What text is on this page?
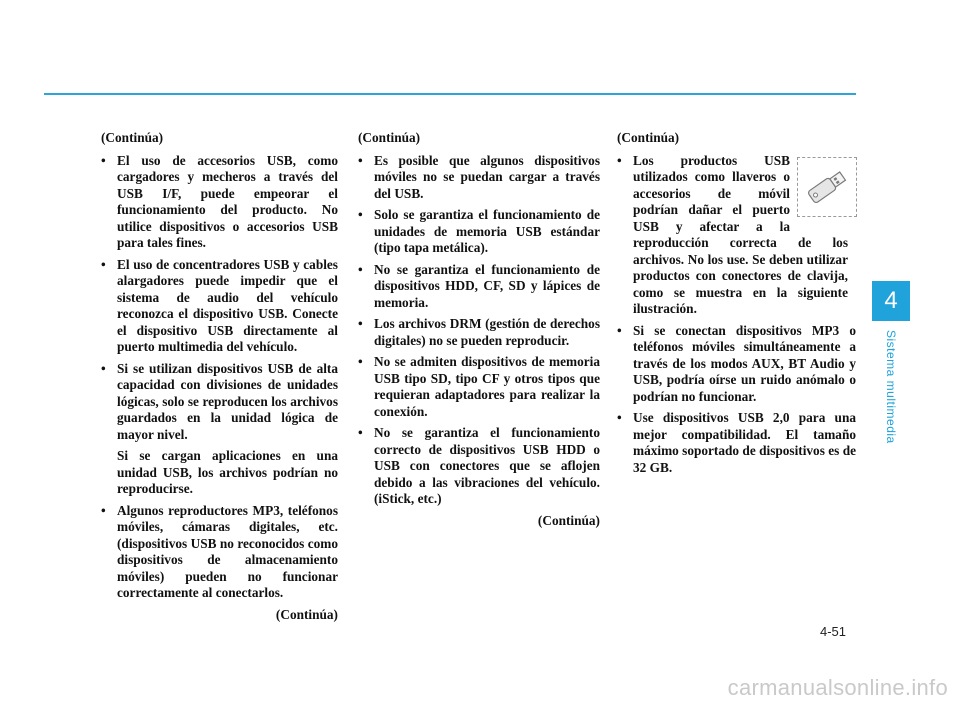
(Continúa)

• El uso de accesorios USB, como cargadores y mecheros a través del USB I/F, puede empeorar el funcionamiento del producto. No utilice dispositivos o accesorios USB para tales fines.
• El uso de concentradores USB y cables alargadores puede impedir que el sistema de audio del vehículo reconozca el dispositivo USB. Conecte el dispositivo USB directamente al puerto multimedia del vehículo.
• Si se utilizan dispositivos USB de alta capacidad con divisiones de unidades lógicas, solo se reproducen los archivos guardados en la unidad lógica de mayor nivel.

Si se cargan aplicaciones en una unidad USB, los archivos podrían no reproducirse.

• Algunos reproductores MP3, teléfonos móviles, cámaras digitales, etc. (dispositivos USB no reconocidos como dispositivos de almacenamiento móviles) pueden no funcionar correctamente al conectarlos.

(Continúa)

(Continúa)

• Es posible que algunos dispositivos móviles no se puedan cargar a través del USB.
• Solo se garantiza el funcionamiento de unidades de memoria USB estándar (tipo tapa metálica).
• No se garantiza el funcionamiento de dispositivos HDD, CF, SD y lápices de memoria.
• Los archivos DRM (gestión de derechos digitales) no se pueden reproducir.
• No se admiten dispositivos de memoria USB tipo SD, tipo CF y otros tipos que requieran adaptadores para realizar la conexión.
• No se garantiza el funcionamiento correcto de dispositivos USB HDD o USB con conectores que se aflojen debido a las vibraciones del vehículo. (iStick, etc.)

(Continúa)

(Continúa)

• Los productos USB utilizados como llaveros o accesorios de móvil podrían dañar el puerto USB y afectar a la reproducción correcta de los archivos. No los use. Se deben utilizar productos con conectores de clavija, como se muestra en la siguiente ilustración.
• Si se conectan dispositivos MP3 o teléfonos móviles simultáneamente a través de los modos AUX, BT Audio y USB, podría oírse un ruido anómalo o podrían no funcionar.
• Use dispositivos USB 2,0 para una mejor compatibilidad. El tamaño máximo soportado de dispositivos es de 32 GB.
4
Sistema multimedia
4-51
carmanualsonline.info
